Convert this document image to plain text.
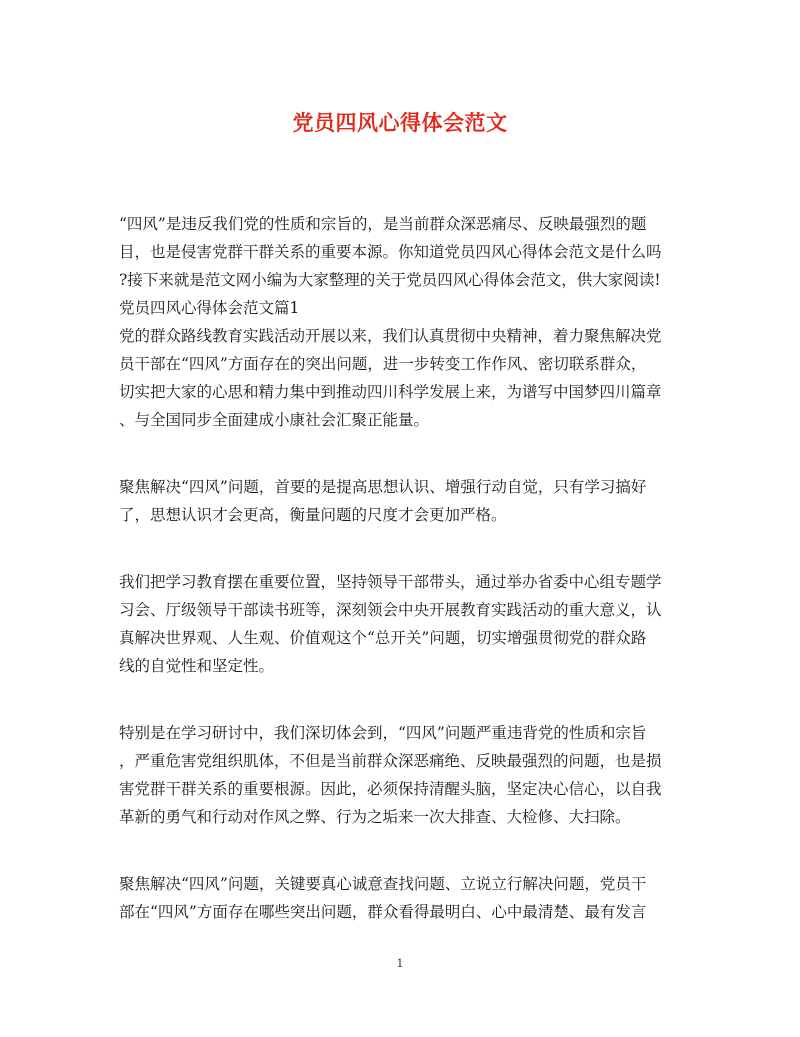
党员四风心得体会范文
“四风”是违反我们党的性质和宗旨的，是当前群众深恶痛尽、反映最强烈的题
目，也是侵害党群干群关系的重要本源。你知道党员四风心得体会范文是什么吗
?接下来就是范文网小编为大家整理的关于党员四风心得体会范文，供大家阅读!
党员四风心得体会范文篇1
党的群众路线教育实践活动开展以来，我们认真贯彻中央精神，着力聚焦解决党
员干部在“四风”方面存在的突出问题，进一步转变工作作风、密切联系群众，
切实把大家的心思和精力集中到推动四川科学发展上来，为谱写中国梦四川篇章
、与全国同步全面建成小康社会汇聚正能量。
聚焦解决“四风”问题，首要的是提高思想认识、增强行动自觉，只有学习搞好
了，思想认识才会更高，衡量问题的尺度才会更加严格。
我们把学习教育摆在重要位置，坚持领导干部带头，通过举办省委中心组专题学
习会、厅级领导干部读书班等，深刻领会中央开展教育实践活动的重大意义，认
真解决世界观、人生观、价值观这个“总开关”问题，切实增强贯彻党的群众路
线的自觉性和坚定性。
特别是在学习研讨中，我们深切体会到，“四风”问题严重违背党的性质和宗旨
，严重危害党组织肌体，不但是当前群众深恶痛绝、反映最强烈的问题，也是损
害党群干群关系的重要根源。因此，必须保持清醒头脑，坚定决心信心，以自我
革新的勇气和行动对作风之弊、行为之垢来一次大排查、大检修、大扫除。
聚焦解决“四风”问题，关键要真心诚意查找问题、立说立行解决问题，党员干
部在“四风”方面存在哪些突出问题，群众看得最明白、心中最清楚、最有发言
1
